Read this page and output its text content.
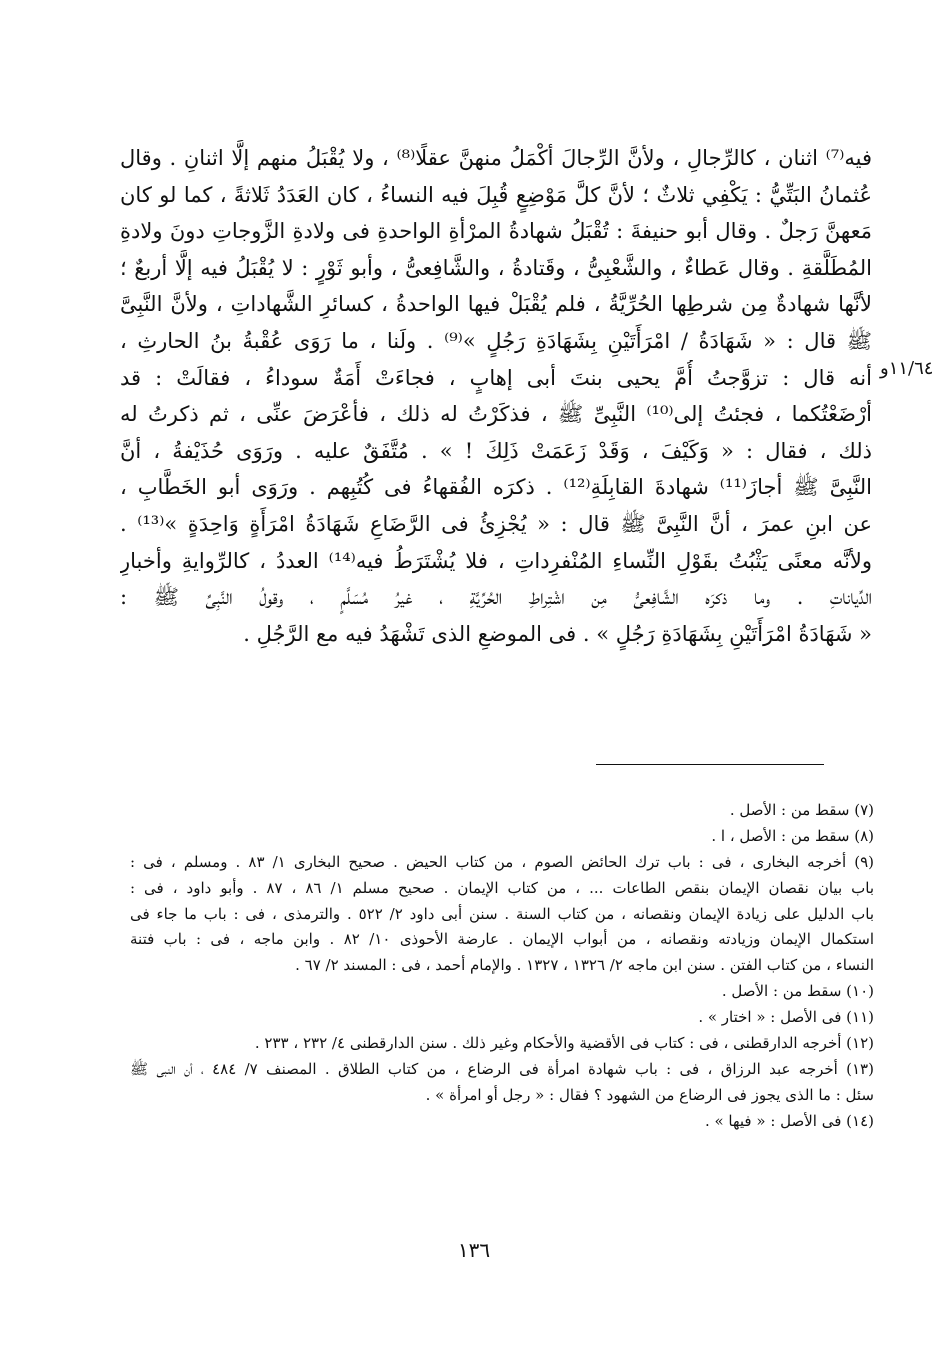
١١/٦٤و
فيه⁽⁷⁾ اثنان ، كالرِّجالِ ، ولأنَّ الرِّجالَ أكْمَلُ منهنَّ عقلًا⁽⁸⁾ ، ولا يُقْبَلُ منهم إلَّا اثنانِ . وقال
عُثمانُ البَتِّيُّ : يَكْفِي ثلاثٌ ؛ لأنَّ كلَّ مَوْضِعٍ قُبِلَ فيه النساءُ ، كان العَدَدُ ثَلاثةً ، كما لو كان
مَعهنَّ رَجلٌ . وقال أبو حنيفةَ : تُقْبَلُ شهادةُ المرْأةِ الواحدةِ فى ولادةِ الزَّوجاتِ دونَ ولادةِ
المُطَلَّقةِ . وقال عَطاءٌ ، والشَّعْبِىُّ ، وقَتادةُ ، والشَّافِعىُّ ، وأبو ثَوْرٍ : لا يُقْبَلُ فيه إلَّا أربعٌ ؛
لأنَّها شهادةٌ مِن شرطِها الحُرِّيَّةُ ، فلم يُقْبَلْ فيها الواحدةُ ، كسائرِ الشَّهاداتِ ، ولأنَّ النَّبِىَّ
ﷺ قال : « شَهَادَةُ / امْرَأَتَيْنِ بِشَهَادَةِ رَجُلٍ »⁽⁹⁾ . ولَنا ، ما رَوَى عُقْبةُ بنُ الحارثِ ،
أنه قال : تزوَّجتُ أُمَّ يحيى بنتَ أبى إهابٍ ، فجاءَتْ أَمَةٌ سوداءُ ، فقالَتْ : قد
أرْضَعْتُكما ، فجئتُ إلى⁽¹⁰⁾ النَّبِىِّ ﷺ ، فذكَرْتُ له ذلك ، فأعْرَضَ عنِّى ، ثم ذكرتُ له
ذلك ، فقال : « وَكَيْفَ ، وَقَدْ زَعَمَتْ ذَلِكَ ! » . مُتَّفَقٌ عليه . ورَوَى حُذَيْفةُ ، أنَّ
النَّبِىَّ ﷺ أجازَ⁽¹¹⁾ شهادةَ القابِلَةِ⁽¹²⁾ . ذكرَه الفُقهاءُ فى كُتُبِهم . ورَوَى أبو الخَطَّابِ ،
عن ابنِ عمرَ ، أنَّ النَّبِىَّ ﷺ قال : « يُجْزِئُ فى الرَّضَاعِ شَهَادَةُ امْرَأَةٍ وَاحِدَةٍ »⁽¹³⁾ .
ولأنَّه معنًى يَثْبُتُ بقَوْلِ النِّساءِ المُنْفرِداتِ ، فلا يُشْتَرَطُ فيه⁽¹⁴⁾ العددُ ، كالرِّوايةِ وأخبارِ
الدِّياناتِ . وما ذكرَه الشَّافِعىُّ مِن اشْتِراطِ الحُرِّيَّةِ ، غيرُ مُسَلَّمٍ ، وقولُ النَّبِىِّ ﷺ :
« شَهَادَةُ امْرَأَتَيْنِ بِشَهَادَةِ رَجُلٍ » . فى الموضعِ الذى تَشْهَدُ فيه مع الرَّجُلِ .
(٧) سقط من : الأصل .
(٨) سقط من : الأصل ، ا .
(٩) أخرجه البخارى ، فى : باب ترك الحائض الصوم ، من كتاب الحيض . صحيح البخارى ١/ ٨٣ . ومسلم ، فى :
باب بيان نقصان الإيمان بنقص الطاعات ... ، من كتاب الإيمان . صحيح مسلم ١/ ٨٦ ، ٨٧ . وأبو داود ، فى :
باب الدليل على زيادة الإيمان ونقصانه ، من كتاب السنة . سنن أبى داود ٢/ ٥٢٢ . والترمذى ، فى : باب ما جاء فى
استكمال الإيمان وزيادته ونقصانه ، من أبواب الإيمان . عارضة الأحوذى ١٠/ ٨٢ . وابن ماجه ، فى : باب فتنة
النساء ، من كتاب الفتن . سنن ابن ماجه ٢/ ١٣٢٦ ، ١٣٢٧ . والإمام أحمد ، فى : المسند ٢/ ٦٧ .
(١٠) سقط من : الأصل .
(١١) فى الأصل : « اختار » .
(١٢) أخرجه الدارقطنى ، فى : كتاب فى الأقضية والأحكام وغير ذلك . سنن الدارقطنى ٤/ ٢٣٢ ، ٢٣٣ .
(١٣) أخرجه عبد الرزاق ، فى : باب شهادة امرأة فى الرضاع ، من كتاب الطلاق . المصنف ٧/ ٤٨٤ ، أن النبى ﷺ
سئل : ما الذى يجوز فى الرضاع من الشهود ؟ فقال : « رجل أو امرأة » .
(١٤) فى الأصل : « فيها » .
١٣٦
